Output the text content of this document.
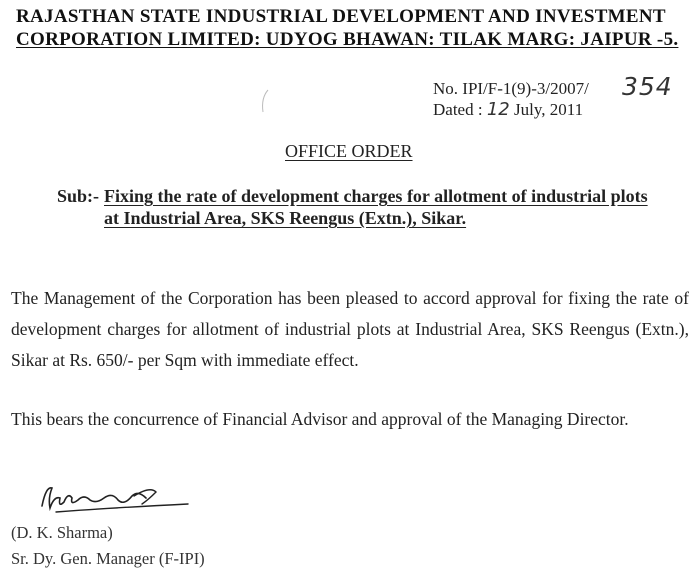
RAJASTHAN STATE INDUSTRIAL DEVELOPMENT AND INVESTMENT
CORPORATION LIMITED: UDYOG BHAWAN: TILAK MARG: JAIPUR -5.
No. IPI/F-1(9)-3/2007/ 354
Dated : 12 July, 2011
OFFICE ORDER
Sub:- Fixing the rate of development charges for allotment of industrial plots
at Industrial Area, SKS Reengus (Extn.), Sikar.
The Management of the Corporation has been pleased to accord approval for fixing the rate of development charges for allotment of industrial plots at Industrial Area, SKS Reengus (Extn.), Sikar at Rs. 650/- per Sqm with immediate effect.
This bears the concurrence of Financial Advisor and approval of the Managing Director.
(D. K. Sharma)
Sr. Dy. Gen. Manager (F-IPI)
